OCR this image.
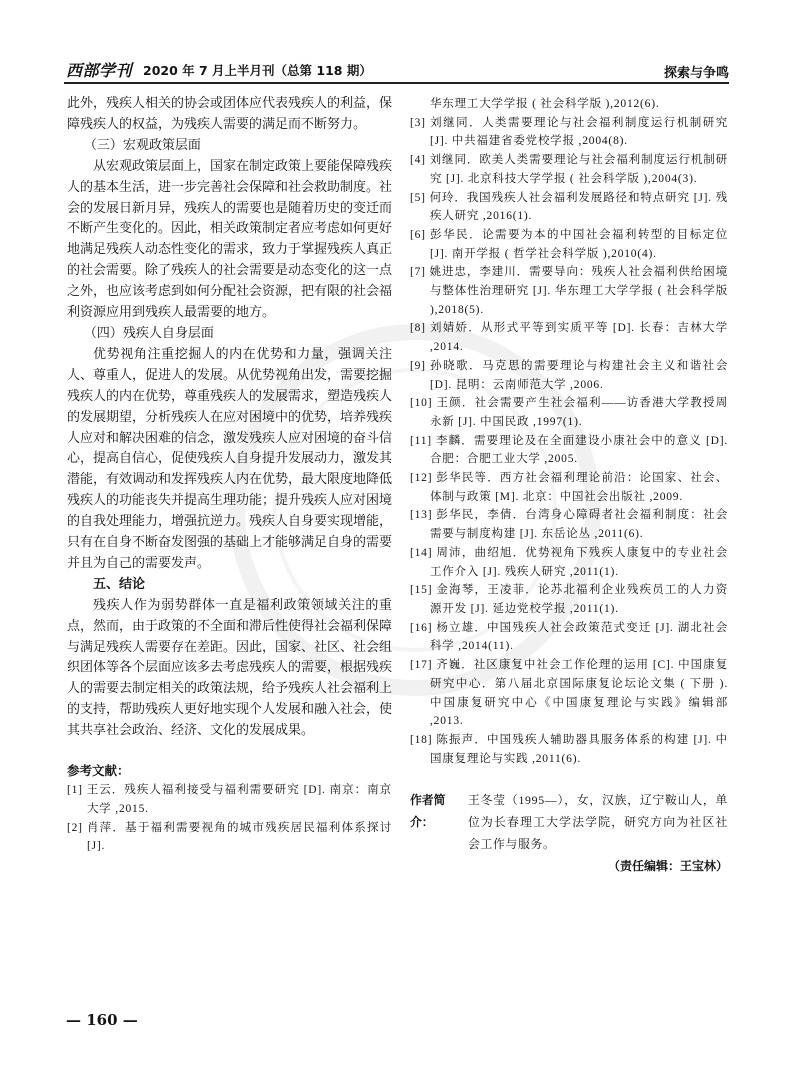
西部学刊 2020 年 7 月上半月刊（总第 118 期）	探索与争鸣

此外，残疾人相关的协会或团体应代表残疾人的利益，保障残疾人的权益，为残疾人需要的满足而不断努力。

（三）宏观政策层面

从宏观政策层面上，国家在制定政策上要能保障残疾人的基本生活，进一步完善社会保障和社会救助制度。社会的发展日新月异，残疾人的需要也是随着历史的变迁而不断产生变化的。因此，相关政策制定者应考虑如何更好地满足残疾人动态性变化的需求，致力于掌握残疾人真正的社会需要。除了残疾人的社会需要是动态变化的这一点之外，也应该考虑到如何分配社会资源，把有限的社会福利资源应用到残疾人最需要的地方。

（四）残疾人自身层面

优势视角注重挖掘人的内在优势和力量，强调关注人、尊重人，促进人的发展。从优势视角出发，需要挖掘残疾人的内在优势，尊重残疾人的发展需求，塑造残疾人的发展期望，分析残疾人在应对困境中的优势，培养残疾人应对和解决困难的信念，激发残疾人应对困境的奋斗信心，提高自信心，促使残疾人自身提升发展动力，激发其潜能，有效调动和发挥残疾人内在优势，最大限度地降低残疾人的功能丧失并提高生理功能；提升残疾人应对困境的自我处理能力，增强抗逆力。残疾人自身要实现增能，只有在自身不断奋发图强的基础上才能够满足自身的需要并且为自己的需要发声。

五、结论

残疾人作为弱势群体一直是福利政策领域关注的重点，然而，由于政策的不全面和滞后性使得社会福利保障与满足残疾人需要存在差距。因此，国家、社区、社会组织团体等各个层面应该多去考虑残疾人的需要，根据残疾人的需要去制定相关的政策法规，给予残疾人社会福利上的支持，帮助残疾人更好地实现个人发展和融入社会，使其共享社会政治、经济、文化的发展成果。

参考文献：

[1] 王云．残疾人福利接受与福利需要研究 [D]. 南京：南京大学 ,2015.

[2] 肖萍．基于福利需要视角的城市残疾居民福利体系探讨 [J].

华东理工大学学报 ( 社会科学版 ),2012(6).

[3] 刘继同．人类需要理论与社会福利制度运行机制研究 [J]. 中共福建省委党校学报 ,2004(8).

[4] 刘继同．欧美人类需要理论与社会福利制度运行机制研究 [J]. 北京科技大学学报 ( 社会科学版 ),2004(3).

[5] 何玲．我国残疾人社会福利发展路径和特点研究 [J]. 残疾人研究 ,2016(1).

[6] 彭华民．论需要为本的中国社会福利转型的目标定位 [J]. 南开学报 ( 哲学社会科学版 ),2010(4).

[7] 姚进忠，李建川．需要导向：残疾人社会福利供给困境与整体性治理研究 [J]. 华东理工大学学报 ( 社会科学版 ),2018(5).

[8] 刘婧娇．从形式平等到实质平等 [D]. 长春：吉林大学 ,2014.

[9] 孙晓歌．马克思的需要理论与构建社会主义和谐社会 [D]. 昆明：云南师范大学 ,2006.

[10] 王颜．社会需要产生社会福利——访香港大学教授周永新 [J]. 中国民政 ,1997(1).

[11] 李麟．需要理论及在全面建设小康社会中的意义 [D]. 合肥：合肥工业大学 ,2005.

[12] 彭华民等．西方社会福利理论前沿：论国家、社会、体制与政策 [M]. 北京：中国社会出版社 ,2009.

[13] 彭华民，李倩．台湾身心障碍者社会福利制度：社会需要与制度构建 [J]. 东岳论丛 ,2011(6).

[14] 周沛，曲绍旭．优势视角下残疾人康复中的专业社会工作介入 [J]. 残疾人研究 ,2011(1).

[15] 金海琴，王凌菲．论苏北福利企业残疾员工的人力资源开发 [J]. 延边党校学报 ,2011(1).

[16] 杨立雄．中国残疾人社会政策范式变迁 [J]. 湖北社会科学 ,2014(11).

[17] 齐巍．社区康复中社会工作伦理的运用 [C]. 中国康复研究中心．第八届北京国际康复论坛论文集 ( 下册 ). 中国康复研究中心《中国康复理论与实践》编辑部 ,2013.

[18] 陈振声．中国残疾人辅助器具服务体系的构建 [J]. 中国康复理论与实践 ,2011(6).

作者简介：
王冬莹（1995—），女，汉族，辽宁鞍山人，单位为长春理工大学法学院，研究方向为社区社会工作与服务。

（责任编辑：王宝林）

— 160 —
